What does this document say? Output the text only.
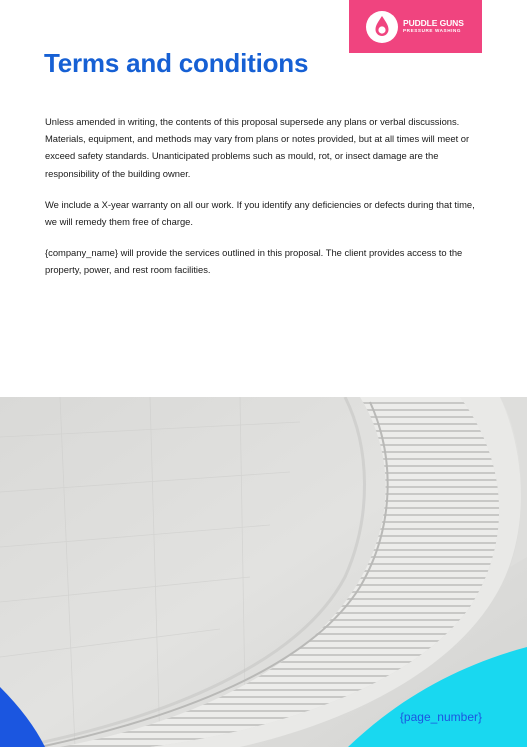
PUDDLE GUNS
PRESSURE WASHING
Terms and conditions

Unless amended in writing, the contents of this proposal supersede any plans or verbal discussions. Materials, equipment, and methods may vary from plans or notes provided, but at all times will meet or exceed safety standards. Unanticipated problems such as mould, rot, or insect damage are the responsibility of the building owner.

We include a X-year warranty on all our work. If you identify any deficiencies or defects during that time, we will remedy them free of charge.

{company_name} will provide the services outlined in this proposal. The client provides access to the property, power, and rest room facilities.

{page_number}
